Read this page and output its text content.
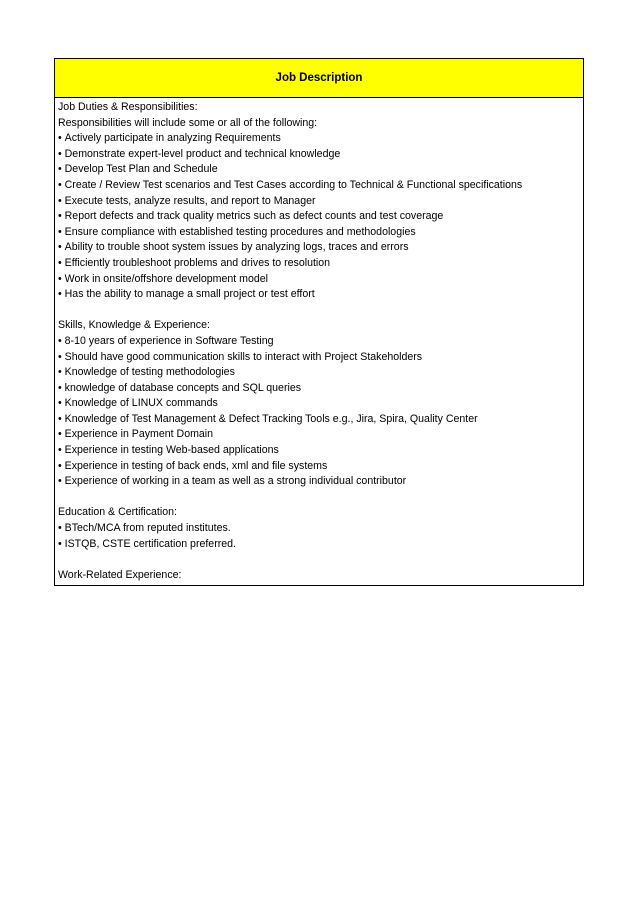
Job Description
Job Duties & Responsibilities:
Responsibilities will include some or all of the following:
• Actively participate in analyzing Requirements
• Demonstrate expert-level product and technical knowledge
• Develop Test Plan and Schedule
• Create / Review Test scenarios and Test Cases according to Technical & Functional specifications
• Execute tests, analyze results, and report to Manager
• Report defects and track quality metrics such as defect counts and test coverage
• Ensure compliance with established testing procedures and methodologies
• Ability to trouble shoot system issues by analyzing logs, traces and errors
• Efficiently troubleshoot problems and drives to resolution
• Work in onsite/offshore development model
• Has the ability to manage a small project or test effort
Skills, Knowledge & Experience:
• 8-10 years of experience in Software Testing
• Should have good communication skills to interact with Project Stakeholders
• Knowledge of testing methodologies
• knowledge of database concepts and SQL queries
• Knowledge of LINUX commands
• Knowledge of Test Management & Defect Tracking Tools e.g., Jira, Spira, Quality Center
• Experience in Payment Domain
• Experience in testing Web-based applications
• Experience in testing of back ends, xml and file systems
• Experience of working in a team as well as a strong individual contributor
Education & Certification:
• BTech/MCA from reputed institutes.
• ISTQB, CSTE certification preferred.
Work-Related Experience:
